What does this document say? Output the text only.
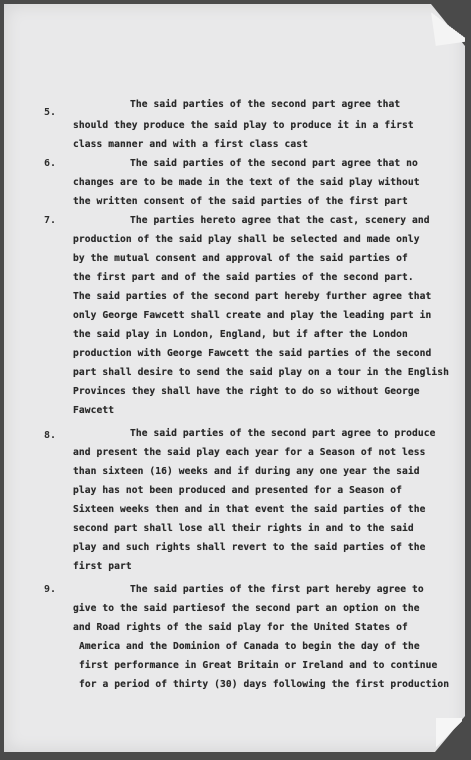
5.
The said parties of the second part agree that
should they produce the said play to produce it in a first
class manner and with a first class cast
6.	The said parties of the second part agree that no
changes are to be made in the text of the said play without
the written consent of the said parties of the first part
7.	The parties hereto agree that the cast, scenery and
production of the said play shall be selected and made only
by the mutual consent and approval of the said parties of
the first part and of the said parties of the second part.
The said parties of the second part hereby further agree that
only George Fawcett shall create and play the leading part in
the said play in London, England, but if after the London
production with George Fawcett the said parties of the second
part shall desire to send the said play on a tour in the English
Provinces they shall have the right to do so without George
Fawcett
8.	The said parties of the second part agree to produce
and present the said play each year for a Season of not less
than sixteen (16) weeks and if during any one year the said
play has not been produced and presented for a Season of
Sixteen weeks then and in that event the said parties of the
second part shall lose all their rights in and to the said
play and such rights shall revert to the said parties of the
first part
9.	The said parties of the first part hereby agree to
give to the said partiesof the second part an option on the
and Road rights of the said play for the United States of
America and the Dominion of Canada to begin the day of the
first performance in Great Britain or Ireland and to continue
for a period of thirty (30) days following the first production
